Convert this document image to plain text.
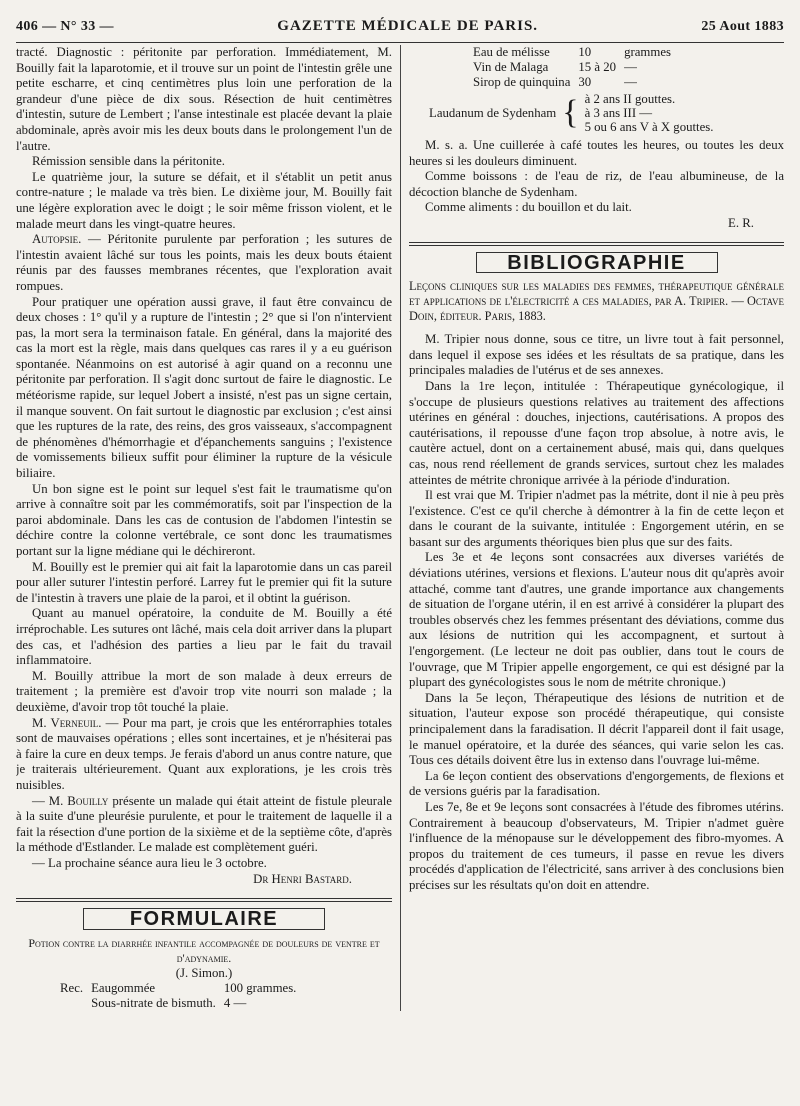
406 — N° 33 —	GAZETTE MÉDICALE DE PARIS.	25 Aout 1883

tracté. Diagnostic : péritonite par perforation. Immédiatement, M. Bouilly fait la laparotomie, et il trouve sur un point de l'intestin grêle une petite escharre, et cinq centimètres plus loin une perforation de la grandeur d'une pièce de dix sous. Résection de huit centimètres d'intestin, suture de Lembert ; l'anse intestinale est placée devant la plaie abdominale, après avoir mis les deux bouts dans le prolongement l'un de l'autre.

Rémission sensible dans la péritonite.

Le quatrième jour, la suture se défait, et il s'établit un petit anus contre-nature ; le malade va très bien. Le dixième jour, M. Bouilly fait une légère exploration avec le doigt ; le soir même frisson violent, et le malade meurt dans les vingt-quatre heures.

Autopsie. — Péritonite purulente par perforation ; les sutures de l'intestin avaient lâché sur tous les points, mais les deux bouts étaient réunis par des fausses membranes récentes, que l'exploration avait rompues.

Pour pratiquer une opération aussi grave, il faut être convaincu de deux choses : 1° qu'il y a rupture de l'intestin ; 2° que si l'on n'intervient pas, la mort sera la terminaison fatale. En général, dans la majorité des cas la mort est la règle, mais dans quelques cas rares il y a eu guérison spontanée. Néanmoins on est autorisé à agir quand on a reconnu une péritonite par perforation. Il s'agit donc surtout de faire le diagnostic. Le météorisme rapide, sur lequel Jobert a insisté, n'est pas un signe certain, il manque souvent. On fait surtout le diagnostic par exclusion ; c'est ainsi que les ruptures de la rate, des reins, des gros vaisseaux, s'accompagnent de phénomènes d'hémorrhagie et d'épanchements sanguins ; l'existence de vomissements bilieux suffit pour éliminer la rupture de la vésicule biliaire.

Un bon signe est le point sur lequel s'est fait le traumatisme qu'on arrive à connaître soit par les commémoratifs, soit par l'inspection de la paroi abdominale. Dans les cas de contusion de l'abdomen l'intestin se déchire contre la colonne vertébrale, ce sont donc les traumatismes portant sur la ligne médiane qui le déchireront.

M. Bouilly est le premier qui ait fait la laparotomie dans un cas pareil pour aller suturer l'intestin perforé. Larrey fut le premier qui fit la suture de l'intestin à travers une plaie de la paroi, et il obtint la guérison.

Quant au manuel opératoire, la conduite de M. Bouilly a été irréprochable. Les sutures ont lâché, mais cela doit arriver dans la plupart des cas, et l'adhésion des parties a lieu par le fait du travail inflammatoire.

M. Bouilly attribue la mort de son malade à deux erreurs de traitement ; la première est d'avoir trop vite nourri son malade ; la deuxième, d'avoir trop tôt touché la plaie.

M. Verneuil. — Pour ma part, je crois que les entérorraphies totales sont de mauvaises opérations ; elles sont incertaines, et je n'hésiterai pas à faire la cure en deux temps. Je ferais d'abord un anus contre nature, que je traiterais ultérieurement. Quant aux explorations, je les crois très nuisibles.

— M. Bouilly présente un malade qui était atteint de fistule pleurale à la suite d'une pleurésie purulente, et pour le traitement de laquelle il a fait la résection d'une portion de la sixième et de la septième côte, d'après la méthode d'Estlander. Le malade est complètement guéri.

— La prochaine séance aura lieu le 3 octobre.

Dr Henri Bastard.
FORMULAIRE
Potion contre la diarrhée infantile accompagnée de douleurs de ventre et d'adynamie.
(J. Simon.)
Rec.	Eaugommée	100 grammes.
	Sous-nitrate de bismuth.	4 —
Eau de mélisse	10	grammes
Vin de Malaga	15 à 20	—
Sirop de quinquina	30	—
Laudanum de Sydenham { à 2 ans II gouttes.
à 3 ans III —
5 ou 6 ans V à X gouttes.

M. s. a. Une cuillerée à café toutes les heures, ou toutes les deux heures si les douleurs diminuent.

Comme boissons : de l'eau de riz, de l'eau albumineuse, de la décoction blanche de Sydenham.

Comme aliments : du bouillon et du lait.

E. R.
BIBLIOGRAPHIE
Leçons cliniques sur les maladies des femmes, thérapeutique générale et applications de l'électricité a ces maladies, par A. Tripier. — Octave Doin, éditeur. Paris, 1883.

M. Tripier nous donne, sous ce titre, un livre tout à fait personnel, dans lequel il expose ses idées et les résultats de sa pratique, dans les principales maladies de l'utérus et de ses annexes.

Dans la 1re leçon, intitulée : Thérapeutique gynécologique, il s'occupe de plusieurs questions relatives au traitement des affections utérines en général : douches, injections, cautérisations. A propos des cautérisations, il repousse d'une façon trop absolue, à notre avis, le cautère actuel, dont on a certainement abusé, mais qui, dans quelques cas, nous rend réellement de grands services, surtout chez les malades atteintes de métrite chronique arrivée à la période d'induration.

Il est vrai que M. Tripier n'admet pas la métrite, dont il nie à peu près l'existence. C'est ce qu'il cherche à démontrer à la fin de cette leçon et dans le courant de la suivante, intitulée : Engorgement utérin, en se basant sur des arguments théoriques bien plus que sur des faits.

Les 3e et 4e leçons sont consacrées aux diverses variétés de déviations utérines, versions et flexions. L'auteur nous dit qu'après avoir attaché, comme tant d'autres, une grande importance aux changements de situation de l'organe utérin, il en est arrivé à considérer la plupart des troubles observés chez les femmes présentant des déviations, comme dus aux lésions de nutrition qui les accompagnent, et surtout à l'engorgement. (Le lecteur ne doit pas oublier, dans tout le cours de l'ouvrage, que M Tripier appelle engorgement, ce qui est désigné par la plupart des gynécologistes sous le nom de métrite chronique.)

Dans la 5e leçon, Thérapeutique des lésions de nutrition et de situation, l'auteur expose son procédé thérapeutique, qui consiste principalement dans la faradisation. Il décrit l'appareil dont il fait usage, le manuel opératoire, et la durée des séances, qui varie selon les cas. Tous ces détails doivent être lus in extenso dans l'ouvrage lui-même.

La 6e leçon contient des observations d'engorgements, de flexions et de versions guéris par la faradisation.

Les 7e, 8e et 9e leçons sont consacrées à l'étude des fibromes utérins. Contrairement à beaucoup d'observateurs, M. Tripier n'admet guère l'influence de la ménopause sur le développement des fibro-myomes. A propos du traitement de ces tumeurs, il passe en revue les divers procédés d'application de l'électricité, sans arriver à des conclusions bien précises sur les résultats qu'on doit en attendre.
